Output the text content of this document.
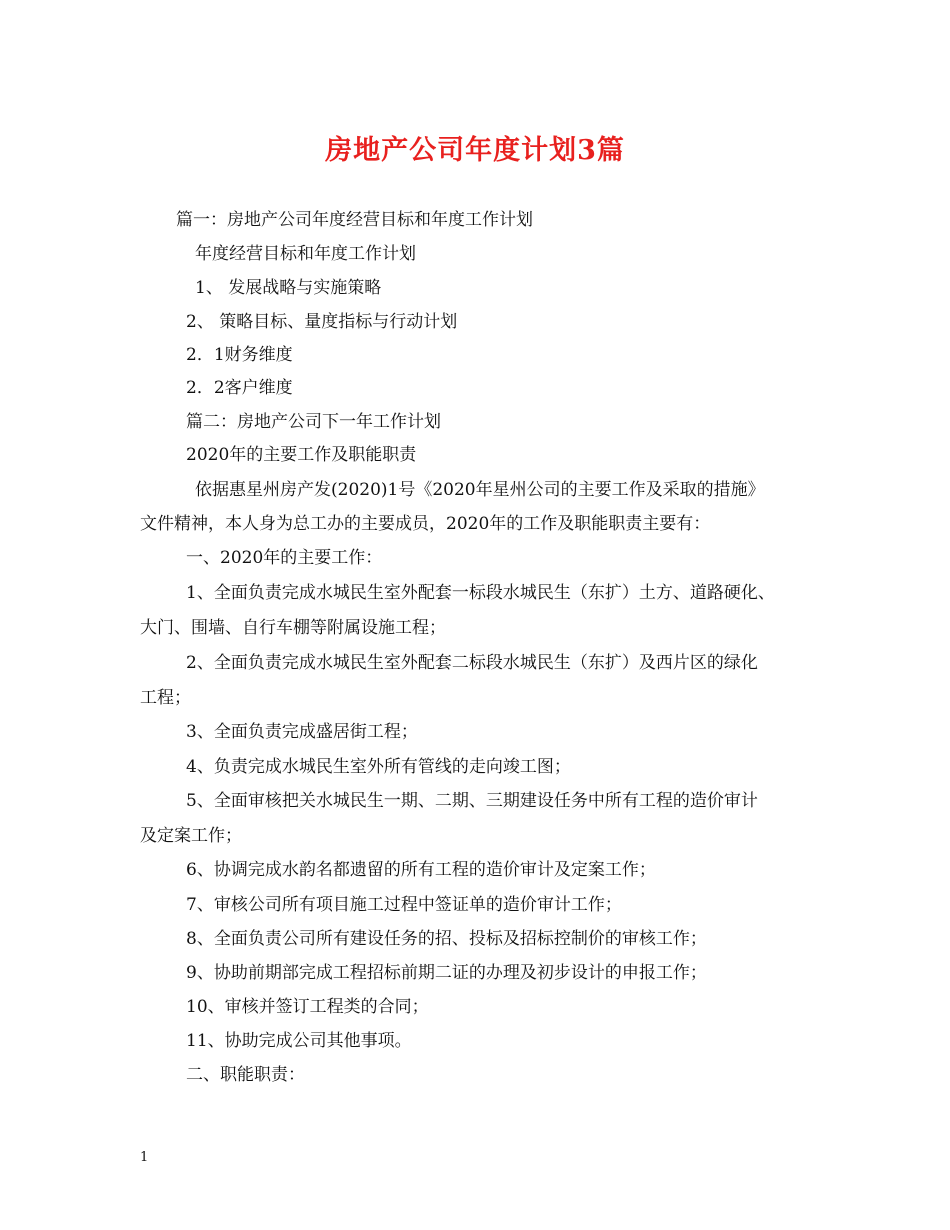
房地产公司年度计划3篇
篇一：房地产公司年度经营目标和年度工作计划
年度经营目标和年度工作计划
1、 发展战略与实施策略
2、 策略目标、量度指标与行动计划
2．1财务维度
2．2客户维度
篇二：房地产公司下一年工作计划
2020年的主要工作及职能职责
依据惠星州房产发(2020)1号《2020年星州公司的主要工作及采取的措施》
文件精神，本人身为总工办的主要成员，2020年的工作及职能职责主要有：
一、2020年的主要工作：
1、全面负责完成水城民生室外配套一标段水城民生（东扩）土方、道路硬化、
大门、围墙、自行车棚等附属设施工程；
2、全面负责完成水城民生室外配套二标段水城民生（东扩）及西片区的绿化
工程；
3、全面负责完成盛居街工程；
4、负责完成水城民生室外所有管线的走向竣工图；
5、全面审核把关水城民生一期、二期、三期建设任务中所有工程的造价审计
及定案工作；
6、协调完成水韵名都遗留的所有工程的造价审计及定案工作；
7、审核公司所有项目施工过程中签证单的造价审计工作；
8、全面负责公司所有建设任务的招、投标及招标控制价的审核工作；
9、协助前期部完成工程招标前期二证的办理及初步设计的申报工作；
10、审核并签订工程类的合同；
11、协助完成公司其他事项。
二、职能职责：
1
